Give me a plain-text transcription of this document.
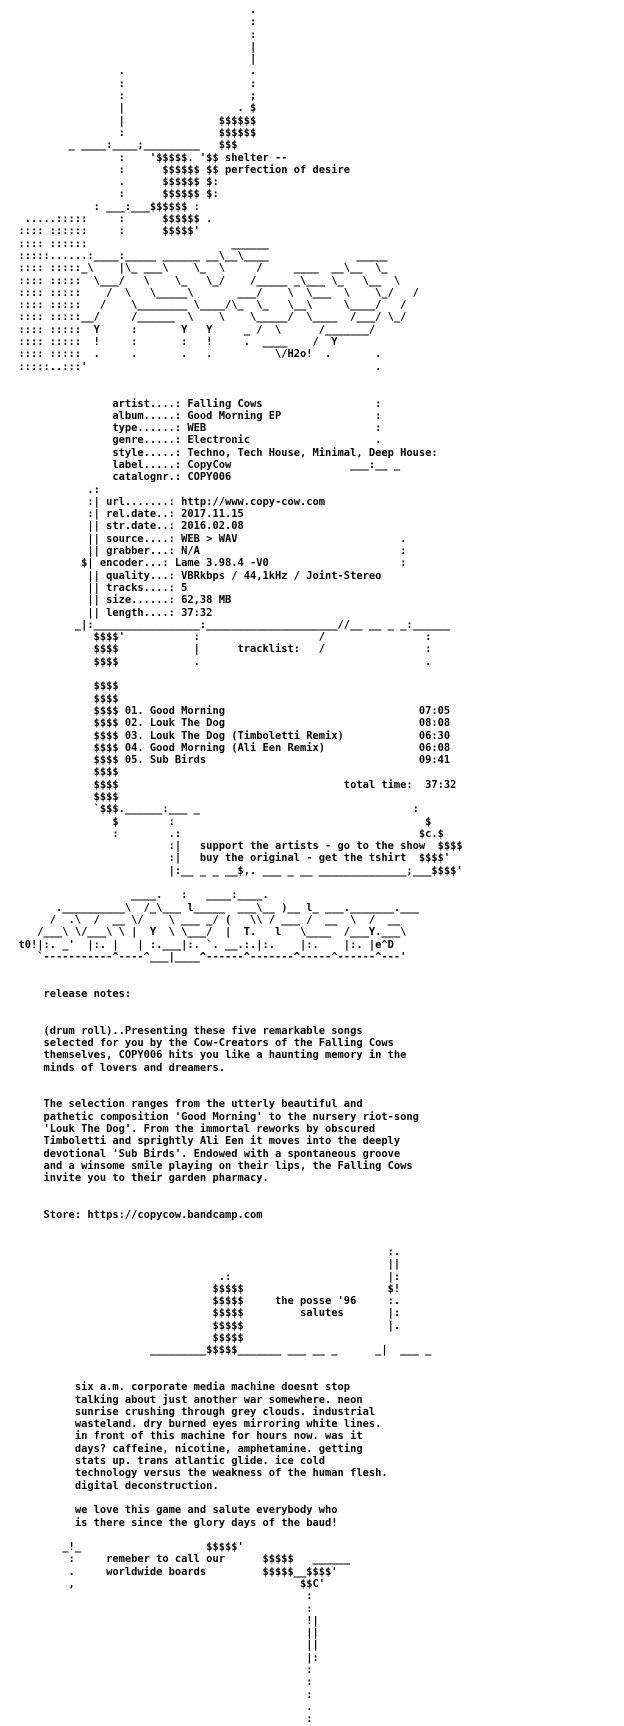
.
:
:
|
|
.                    .
:                    :
:                    ;
|                  . $
|               $$$$$$
:               $$$$$$
_ ____:____;_________   $$$
:    '$$$$$. '$$ shelter --
:      $$$$$$ $$ perfection of desire
.      $$$$$$ $:
:      $$$$$$ $:
: ___:___$$$$$$ :
.....:::::     :      $$$$$$ .
:::: ::::::     :      $$$$$'
:::: ::::::                       ______
:::::......:____:_____ ______ __\__\____              _____
:::: :::::_\    |\_ ___\    \_  \     /     ____  __\__  \_
:::: :::::  \___/   \    \_   \_/    /_____ _\___ \_   \__  \
:::: :::::    /  \   \_____\       ___/    \  \___  \    \_/   /
:::: :::::   /    \________ \____/\_  \_   \__\     \____/   /
:::: :::::__/     /______  \    \    \_____/  \____  /___/ \_/
:::: :::::  Y     :       Y   Y     _ /  \      /_______/
:::: :::::  !     :       :   !     .  ____    /  Y
:::: :::::  .     .       .   .          \/H2o!  .       .
:::::..:::'                                              .

artist....: Falling Cows                  :
album.....: Good Morning EP               :
type......: WEB                           :
genre.....: Electronic                    .
style.....: Techno, Tech House, Minimal, Deep House:
label.....: CopyCow                   ___:__ _
catalognr.: COPY006
.:
:| url.......: http://www.copy-cow.com
:| rel.date..: 2017.11.15
|| str.date..: 2016.02.08
|| source....: WEB > WAV                          .
|| grabber...: N/A                                :
$| encoder...: Lame 3.98.4 -V0                     :
|| quality...: VBRkbps / 44,1kHz / Joint-Stereo
|| tracks....: 5
|| size......: 62,38 MB
|| length....: 37:32
_|:_________________:_____________________//__ __ _ _:______
$$$$'           :                   /                :
$$$$            |      tracklist:   /                :
$$$$            .                                    .

$$$$
$$$$
$$$$ 01. Good Morning                               07:05
$$$$ 02. Louk The Dog                               08:08
$$$$ 03. Louk The Dog (Timboletti Remix)            06:30
$$$$ 04. Good Morning (Ali Een Remix)               06:08
$$$$ 05. Sub Birds                                  09:41
$$$$
$$$$                                    total time:  37:32
$$$$
`$$$.______:___ _                                  :
$        :                                        $
:        .:                                      $c.$
:|   support the artists - go to the show  $$$$
:|   buy the original - get the tshirt  $$$$'
|:__ _ _ __$,. ___ _ __ ______________;___$$$$'

____.   :   ____:____.
.__________\  /_\___ l_____  ___\__ )__ l_ ___._______.___
/  .\  /  __ \/    \ ___ _/ (   \\ / ___ /  __  \  /  __
/___\ \/___\ \ |  Y  \ \___/  |  T.   l   \____  /___Y.___\
t0!|:. _'  |:. |   | :.___|:. `. __.:.|:.    |:.    |:. |e^D
`-----------^----^___|____^------^-------^-----^------^---'

release notes:

(drum roll)..Presenting these five remarkable songs
selected for you by the Cow-Creators of the Falling Cows
themselves, COPY006 hits you like a haunting memory in the
minds of lovers and dreamers.

The selection ranges from the utterly beautiful and
pathetic composition 'Good Morning' to the nursery riot-song
'Louk The Dog'. From the immortal reworks by obscured
Timboletti and sprightly Ali Een it moves into the deeply
devotional 'Sub Birds'. Endowed with a spontaneous groove
and a winsome smile playing on their lips, the Falling Cows
invite you to their garden pharmacy.

Store: https://copycow.bandcamp.com

:.
||
.:                         |:
$$$$$                       $!
$$$$$     the posse '96     :.
$$$$$         salutes       |:
$$$$$                       |.
$$$$$
_________$$$$$_______ ___ __ _      _|  ___ _

six a.m. corporate media machine doesnt stop
talking about just another war somewhere. neon
sunrise crushing through grey clouds. industrial
wasteland. dry burned eyes mirroring white lines.
in front of this machine for hours now. was it
days? caffeine, nicotine, amphetamine. getting
stats up. trans atlantic glide. ice cold
technology versus the weakness of the human flesh.
digital deconstruction.

we love this game and salute everybody who
is there since the glory days of the baud!

_!_                    $$$$$'
:     remeber to call our      $$$$$   ______
.     worldwide boards         $$$$$__$$$$'
,                                    $$C'
:
:
!|
||
||
|:
:
:
:
.
:
